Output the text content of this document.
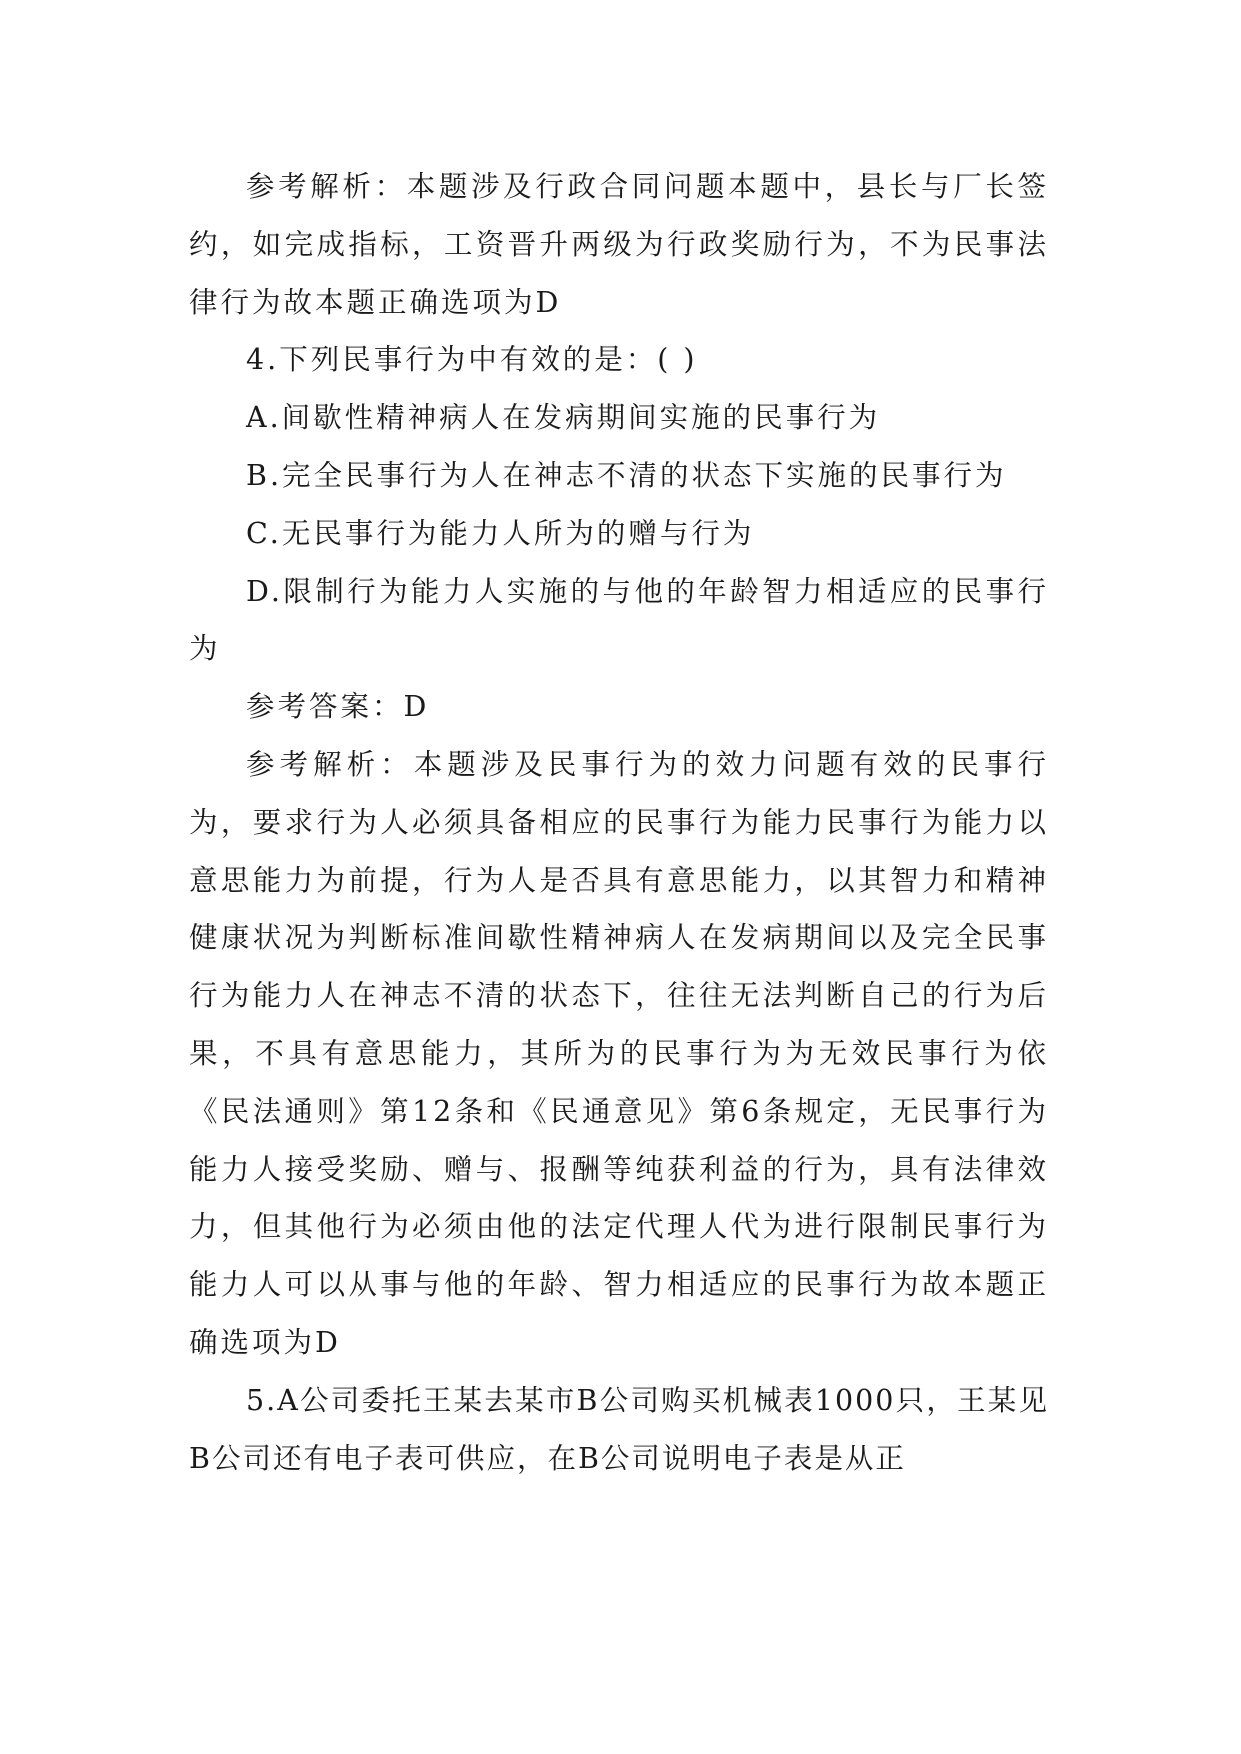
参考解析：本题涉及行政合同问题本题中，县长与厂长签约，如完成指标，工资晋升两级为行政奖励行为，不为民事法律行为故本题正确选项为D

4.下列民事行为中有效的是：( )

A.间歇性精神病人在发病期间实施的民事行为

B.完全民事行为人在神志不清的状态下实施的民事行为

C.无民事行为能力人所为的赠与行为

D.限制行为能力人实施的与他的年龄智力相适应的民事行为

参考答案：D

参考解析：本题涉及民事行为的效力问题有效的民事行为，要求行为人必须具备相应的民事行为能力民事行为能力以意思能力为前提，行为人是否具有意思能力，以其智力和精神健康状况为判断标准间歇性精神病人在发病期间以及完全民事行为能力人在神志不清的状态下，往往无法判断自己的行为后果，不具有意思能力，其所为的民事行为为无效民事行为依《民法通则》第12条和《民通意见》第6条规定，无民事行为能力人接受奖励、赠与、报酬等纯获利益的行为，具有法律效力，但其他行为必须由他的法定代理人代为进行限制民事行为能力人可以从事与他的年龄、智力相适应的民事行为故本题正确选项为D

5.A公司委托王某去某市B公司购买机械表1000只，王某见B公司还有电子表可供应，在B公司说明电子表是从正
